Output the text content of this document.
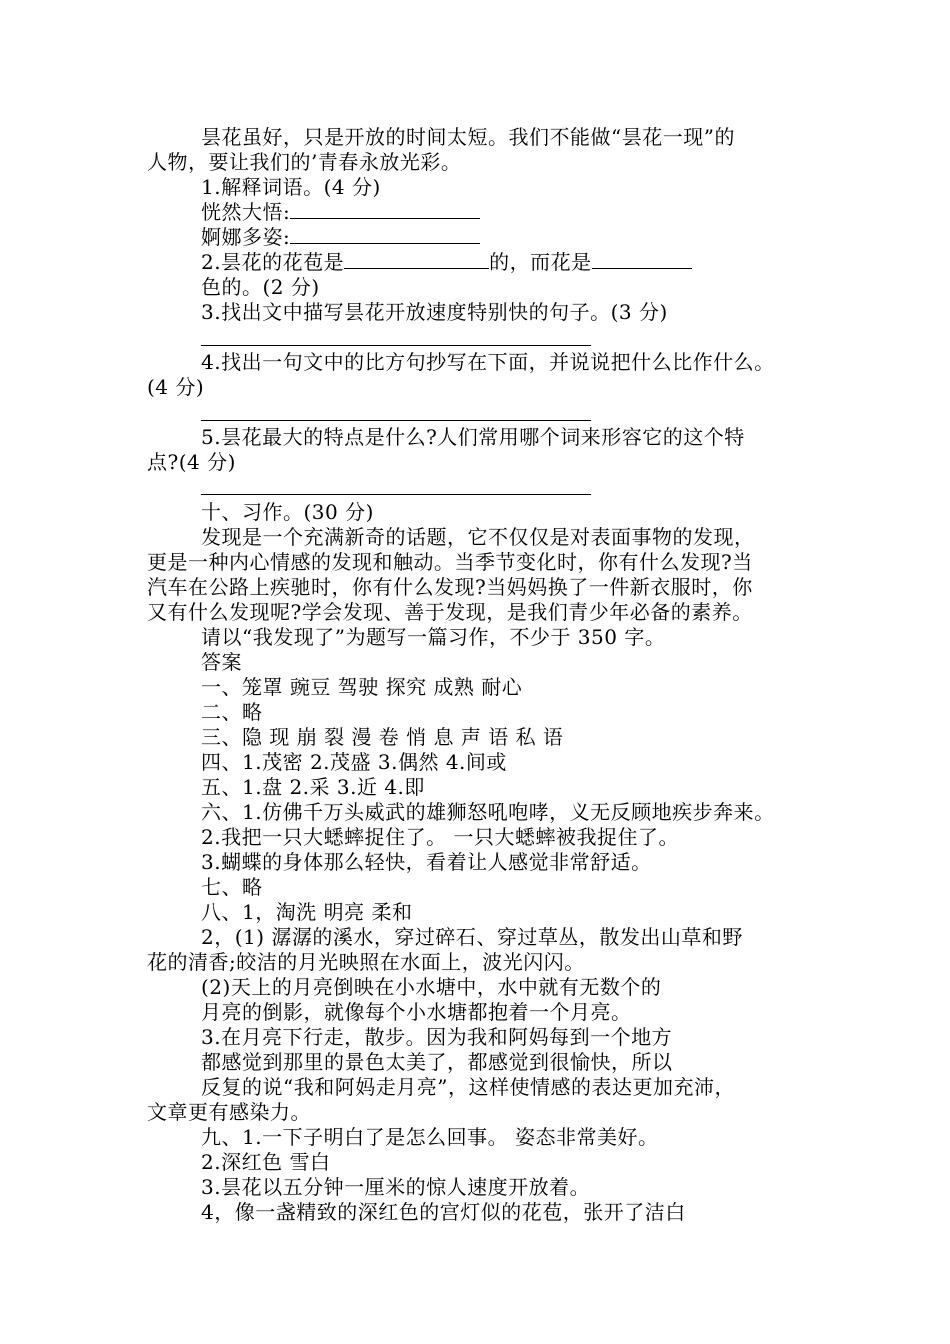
昙花虽好，只是开放的时间太短。我们不能做“昙花一现”的
人物，要让我们的’青春永放光彩。
1.解释词语。(4 分)
恍然大悟:
婀娜多姿:
2.昙花的花苞是	的，而花是
色的。(2 分)
3.找出文中描写昙花开放速度特别快的句子。(3 分)
4.找出一句文中的比方句抄写在下面，并说说把什么比作什么。
(4 分)
5.昙花最大的特点是什么?人们常用哪个词来形容它的这个特
点?(4 分)
十、习作。(30 分)
发现是一个充满新奇的话题，它不仅仅是对表面事物的发现，
更是一种内心情感的发现和触动。当季节变化时，你有什么发现?当
汽车在公路上疾驰时，你有什么发现?当妈妈换了一件新衣服时，你
又有什么发现呢?学会发现、善于发现，是我们青少年必备的素养。
请以“我发现了”为题写一篇习作，不少于 350 字。
答案
一、笼罩 豌豆 驾驶 探究 成熟 耐心
二、略
三、隐 现 崩 裂 漫 卷 悄 息 声 语 私 语
四、1.茂密 2.茂盛 3.偶然 4.间或
五、1.盘 2.采 3.近 4.即
六、1.仿佛千万头威武的雄狮怒吼咆哮，义无反顾地疾步奔来。
2.我把一只大蟋蟀捉住了。 一只大蟋蟀被我捉住了。
3.蝴蝶的身体那么轻快，看着让人感觉非常舒适。
七、略
八、1，淘洗 明亮 柔和
2，(1) 潺潺的溪水，穿过碎石、穿过草丛，散发出山草和野
花的清香;皎洁的月光映照在水面上，波光闪闪。
(2)天上的月亮倒映在小水塘中，水中就有无数个的
月亮的倒影，就像每个小水塘都抱着一个月亮。
3.在月亮下行走，散步。因为我和阿妈每到一个地方
都感觉到那里的景色太美了，都感觉到很愉快，所以
反复的说“我和阿妈走月亮”，这样使情感的表达更加充沛，
文章更有感染力。
九、1.一下子明白了是怎么回事。 姿态非常美好。
2.深红色 雪白
3.昙花以五分钟一厘米的惊人速度开放着。
4，像一盏精致的深红色的宫灯似的花苞，张开了洁白
